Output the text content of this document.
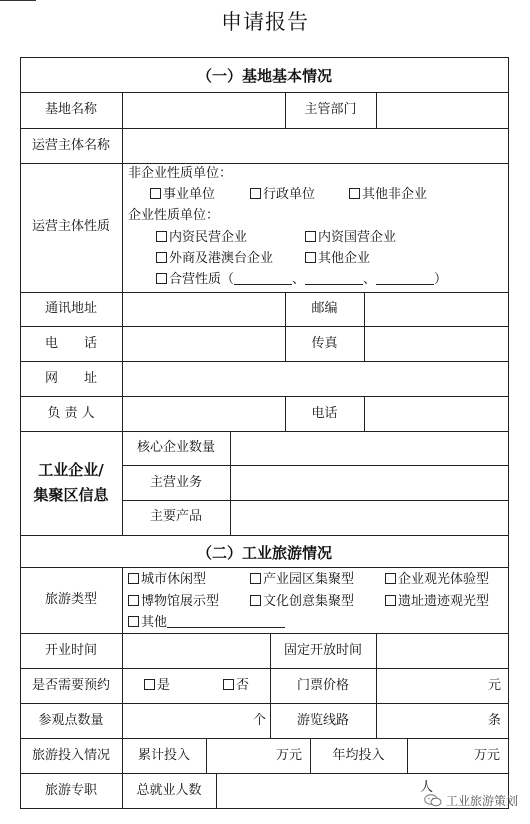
申请报告
（一）基地基本情况
基地名称	主管部门
运营主体名称
运营主体性质
非企业性质单位：
事业单位	行政单位	其他非企业
企业性质单位：
内资民营企业	内资国营企业
外商及港澳台企业	其他企业
合营性质（	、	、	）
通讯地址	邮编
电　　话	传真
网　　址
负 责 人	电话
工业企业/
集聚区信息
核心企业数量
主营业务
主要产品
（二）工业旅游情况
旅游类型
城市休闲型	产业园区集聚型	企业观光体验型
博物馆展示型	文化创意集聚型	遗址遗迹观光型
其他
开业时间	固定开放时间
是否需要预约	是	否	门票价格	元
参观点数量	个	游览线路	条
旅游投入情况	累计投入	万元	年均投入	万元
旅游专职	总就业人数	人
工业旅游策划
